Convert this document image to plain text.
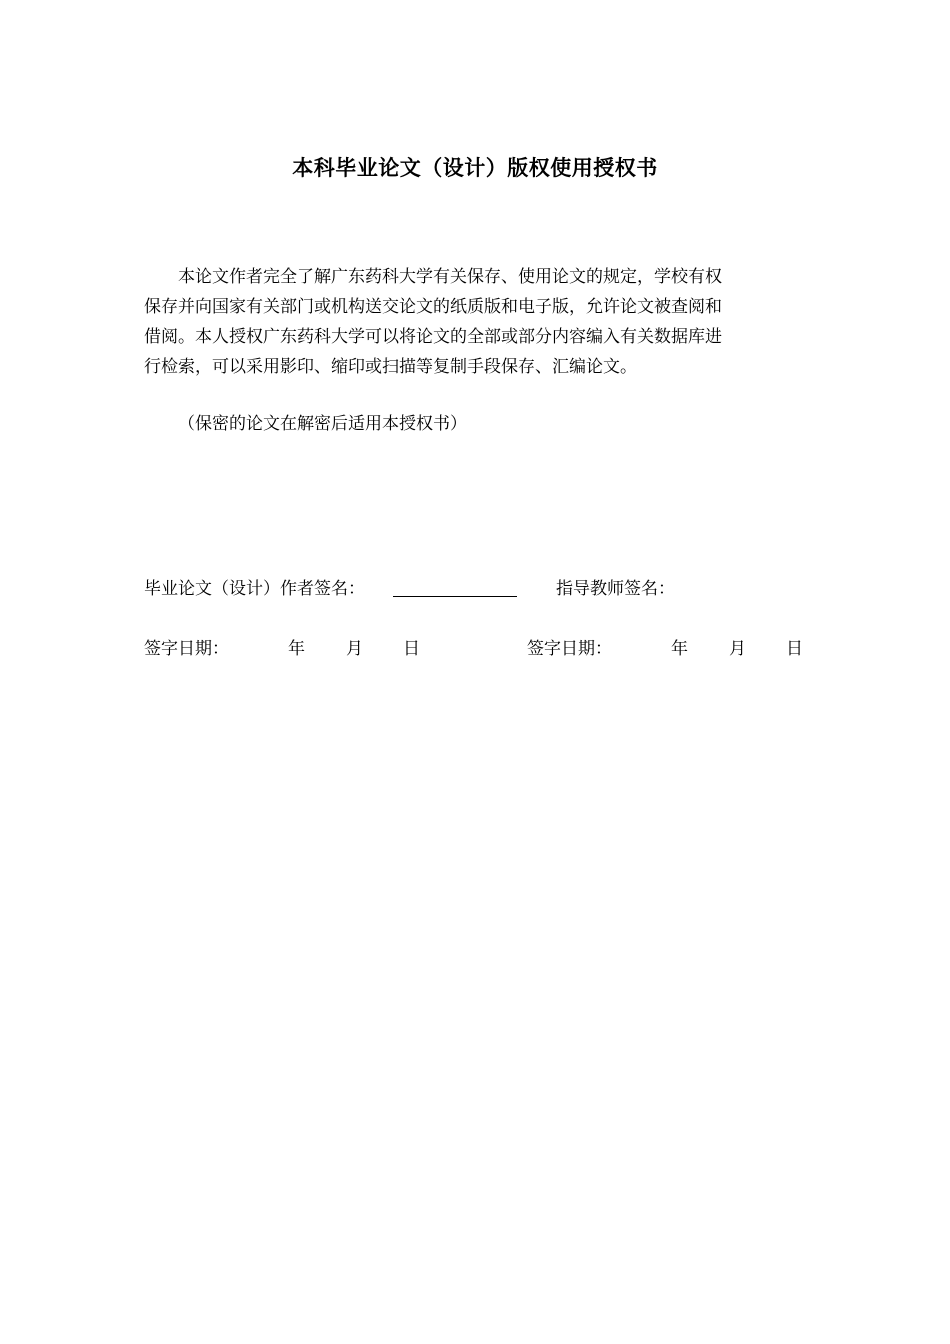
本科毕业论文（设计）版权使用授权书
本论文作者完全了解广东药科大学有关保存、使用论文的规定，学校有权
保存并向国家有关部门或机构送交论文的纸质版和电子版，允许论文被查阅和
借阅。本人授权广东药科大学可以将论文的全部或部分内容编入有关数据库进
行检索，可以采用影印、缩印或扫描等复制手段保存、汇编论文。
（保密的论文在解密后适用本授权书）
毕业论文（设计）作者签名：	指导教师签名：
签字日期：	年 月 日	签字日期：	年 月 日
